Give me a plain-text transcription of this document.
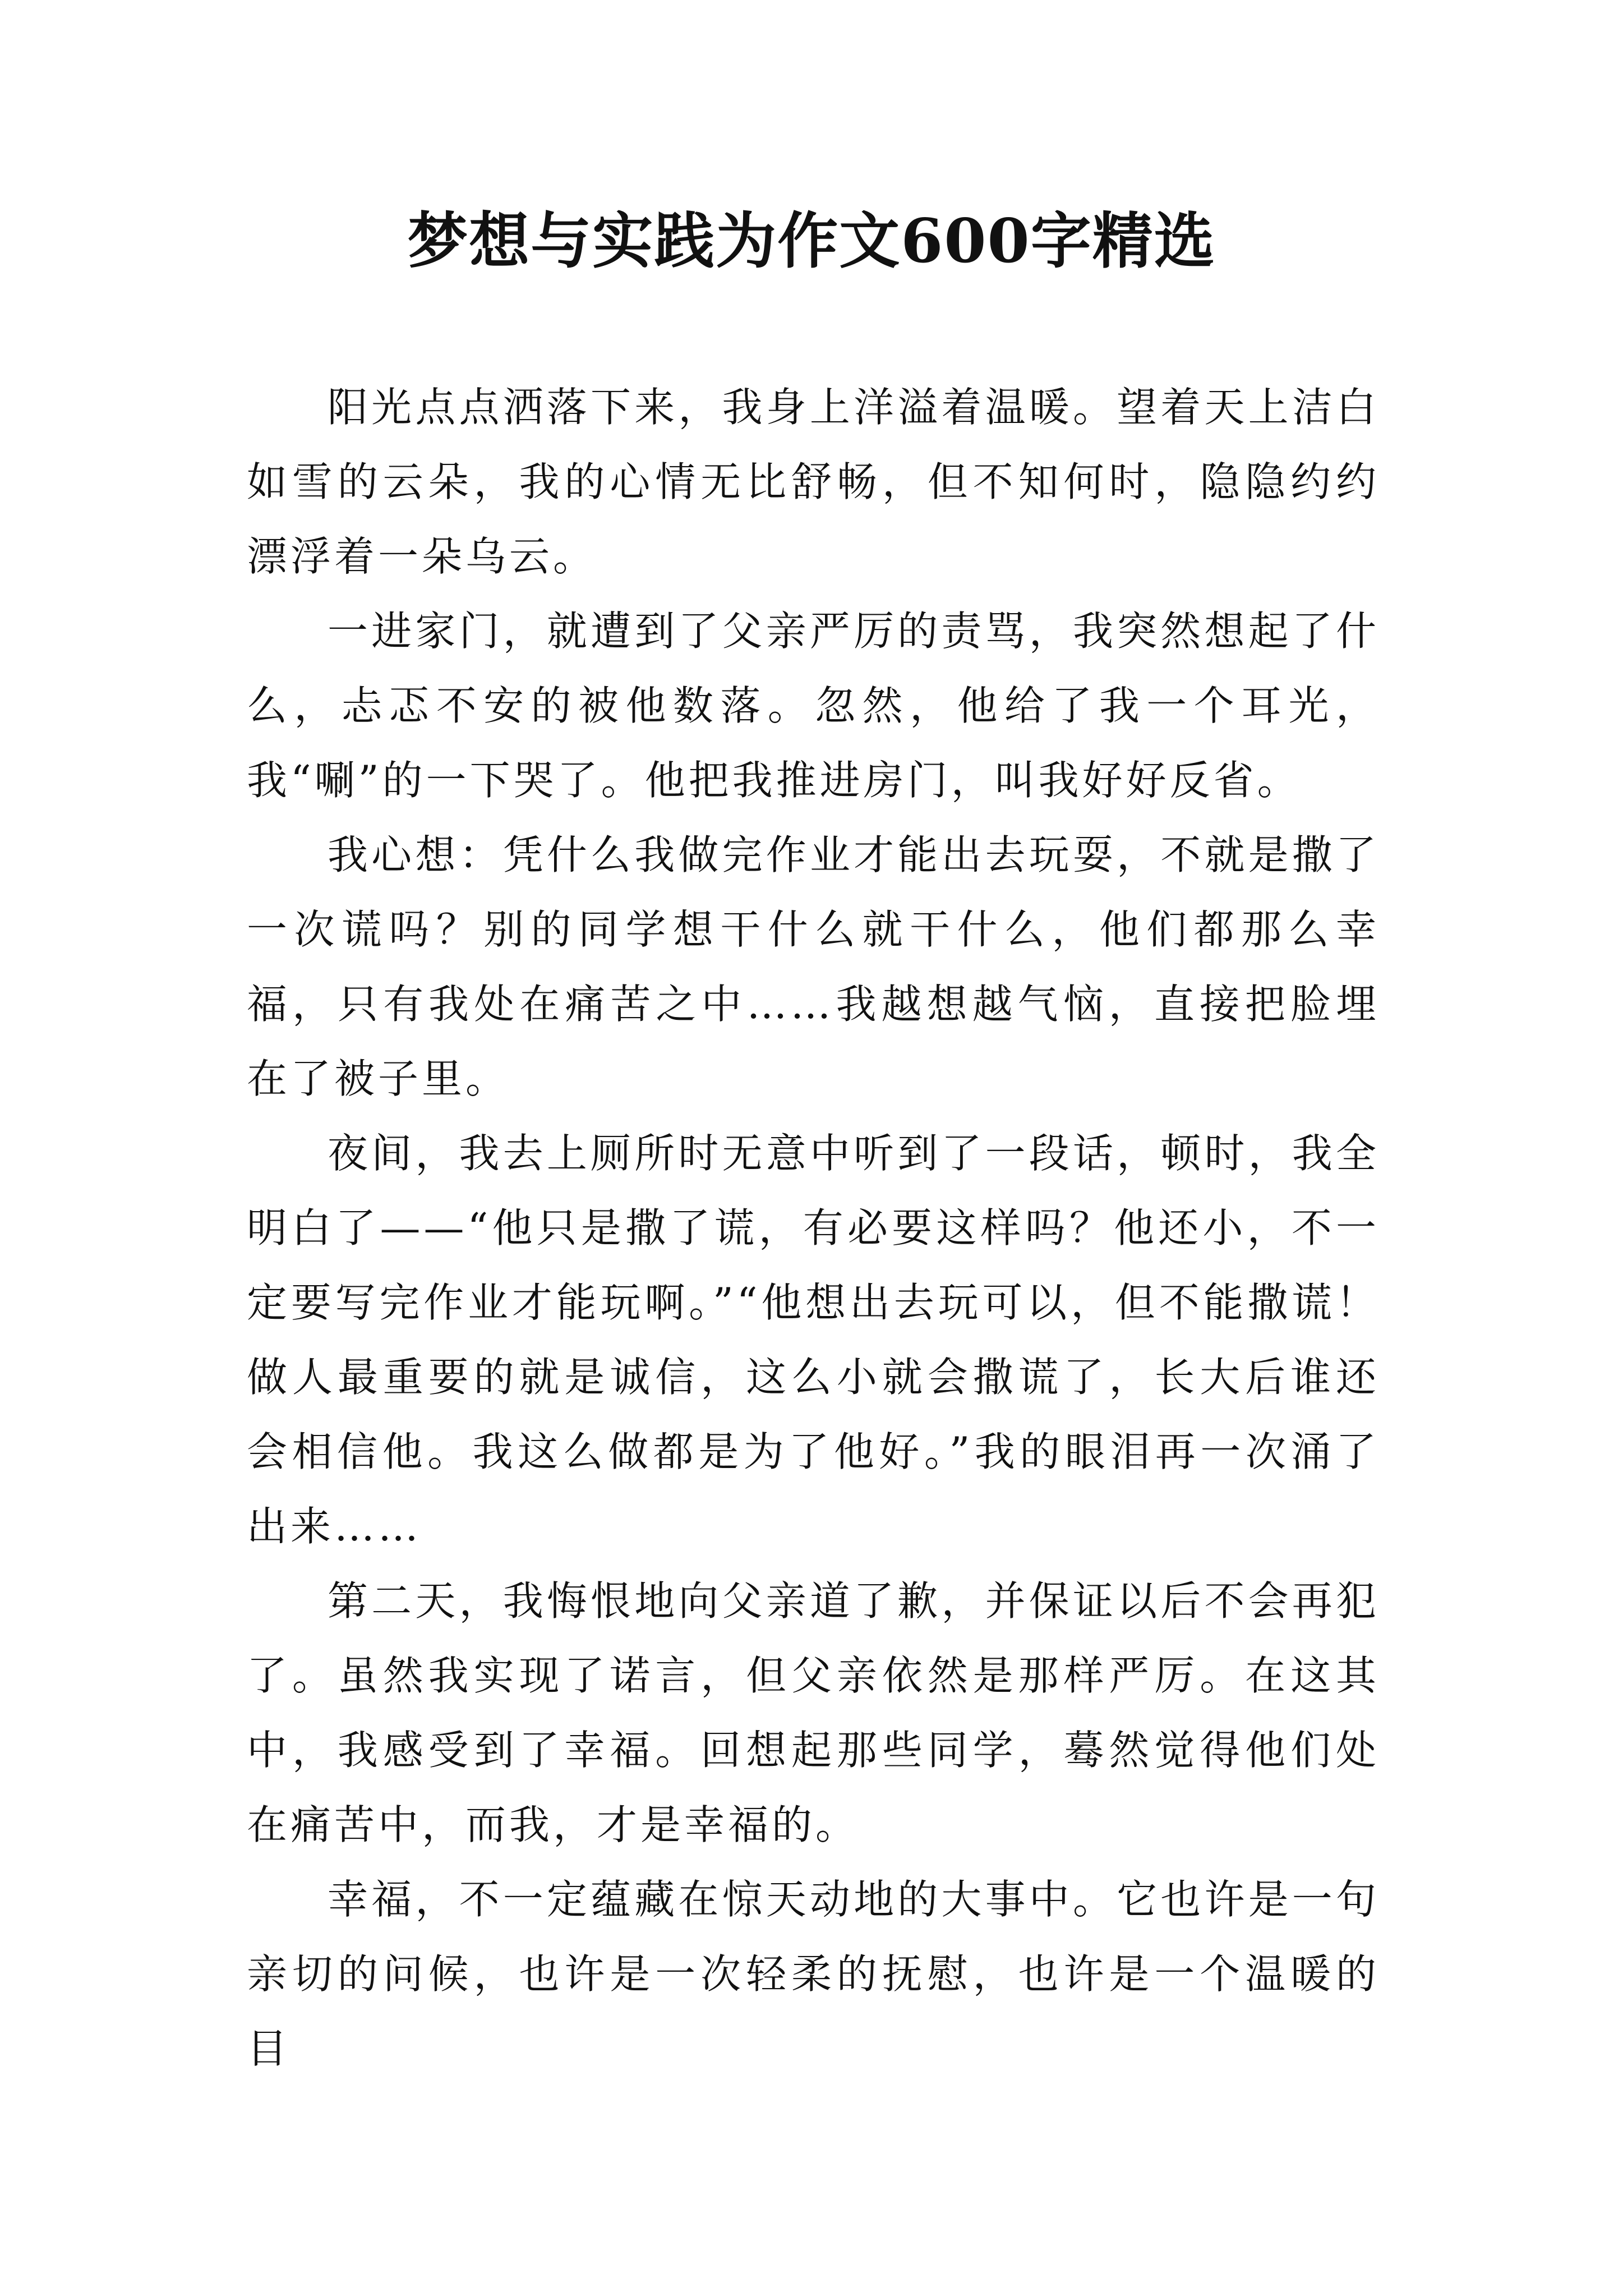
梦想与实践为作文600字精选

阳光点点洒落下来，我身上洋溢着温暖。望着天上洁白如雪的云朵，我的心情无比舒畅，但不知何时，隐隐约约漂浮着一朵乌云。

一进家门，就遭到了父亲严厉的责骂，我突然想起了什么，忐忑不安的被他数落。忽然，他给了我一个耳光，我“唰”的一下哭了。他把我推进房门，叫我好好反省。

我心想：凭什么我做完作业才能出去玩耍，不就是撒了一次谎吗？别的同学想干什么就干什么，他们都那么幸福，只有我处在痛苦之中……我越想越气恼，直接把脸埋在了被子里。

夜间，我去上厕所时无意中听到了一段话，顿时，我全明白了——“他只是撒了谎，有必要这样吗？他还小，不一定要写完作业才能玩啊。”“他想出去玩可以，但不能撒谎！做人最重要的就是诚信，这么小就会撒谎了，长大后谁还会相信他。我这么做都是为了他好。”我的眼泪再一次涌了出来……

第二天，我悔恨地向父亲道了歉，并保证以后不会再犯了。虽然我实现了诺言，但父亲依然是那样严厉。在这其中，我感受到了幸福。回想起那些同学，蓦然觉得他们处在痛苦中，而我，才是幸福的。

幸福，不一定蕴藏在惊天动地的大事中。它也许是一句亲切的问候，也许是一次轻柔的抚慰，也许是一个温暖的目
